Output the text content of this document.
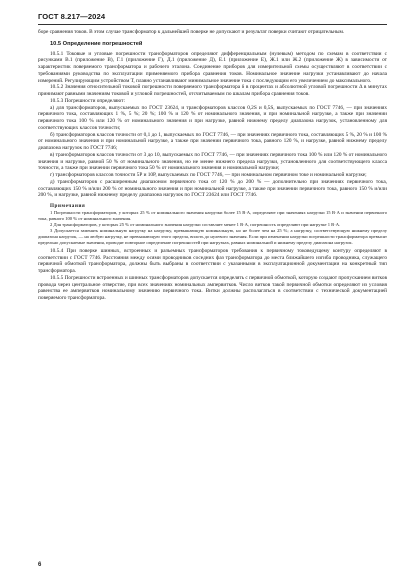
ГОСТ 8.217—2024

боре сравнения токов. В этом случае трансформатор к дальнейшей поверке не допускают и результат поверки считают отрицательным.

10.5 Определение погрешностей

10.5.1 Токовые и угловые погрешности трансформаторов определяют дифференциальным (нулевым) методом по схемам в соответствии с рисунками В.1 (приложение В), Г.1 (приложение Г), Д.1 (приложение Д), Е.1 (приложение Е), Ж.1 или Ж.2 (приложение Ж) в зависимости от характеристик поверяемого трансформатора и рабочего эталона. Соединение приборов для измерительной схемы осуществляют в соответствии с требованиями руководства по эксплуатации применяемого прибора сравнения токов. Номинальное значение нагрузки устанавливают до начала измерений. Регулирующим устройством Т, плавно устанавливают минимальное значение тока с последующим его увеличением до максимального.

10.5.2 Значения относительной токовой погрешности поверяемого трансформатора δ в процентах и абсолютной угловой погрешности Δ в минутах принимают равными значениям токовой и угловой погрешностей, отсчитываемым по шкалам прибора сравнения токов.

10.5.3 Погрешности определяют:

а) для трансформаторов, выпускаемых по ГОСТ 23624, и трансформаторов классов 0,2S и 0,5S, выпускаемых по ГОСТ 7746, — при значениях первичного тока, составляющих 1 %, 5 %; 20 %; 100 % и 120 % от номинального значения, и при номинальной нагрузке, а также при значении первичного тока 100 % или 120 % от номинального значения и при нагрузке, равной нижнему пределу диапазона нагрузок, установленному для соответствующих классов точности;

б) трансформаторов классов точности от 0,1 до 1, выпускаемых по ГОСТ 7746, — при значениях первичного тока, составляющих 5 %, 20 % и 100 % от номинального значения и при номинальной нагрузке, а также при значении первичного тока, равного 120 %, и нагрузке, равной нижнему пределу диапазона нагрузок по ГОСТ 7746;

в) трансформаторов классов точности от 3 до 10, выпускаемых по ГОСТ 7746, — при значениях первичного тока 100 % или 120 % от номинального значения и нагрузке, равной 50 % от номинального значения, но не менее нижнего предела нагрузки, установленного для соответствующего класса точности, а также при значении первичного тока 50 % от номинального значения и номинальной нагрузке;

г) трансформаторов классов точности 5Р и 10Р, выпускаемых по ГОСТ 7746, — при номинальном первичном токе и номинальной нагрузке;

д) трансформаторов с расширенным диапазоном первичного тока от 120 % до 200 % — дополнительно при значениях первичного тока, составляющих 150 % и/или 200 % от номинального значения и при номинальной нагрузке, а также при значении первичного тока, равного 150 % и/или 200 %, и нагрузке, равной нижнему пределу диапазона нагрузок по ГОСТ 23624 или ГОСТ 7746.

Примечания

1 Погрешности трансформаторов, у которых 25 % от номинального значения нагрузки более 15 В·А, определяют при значениях нагрузки 15 В·А и значении первичного тока, равного 100 % от номинального значения.

2 Для трансформаторов, у которых 25 % от номинального значения нагрузки составляет менее 1 В·А, погрешность определяют при нагрузке 1 В·А.

3 Допускается заменять номинальную нагрузку на нагрузку, превышающую номинальную, но не более чем на 25 %; а нагрузку, соответствующую нижнему пределу диапазона нагрузок, — на любую нагрузку, не превышающую этого предела, вплоть до нулевого значения. Если при изменении нагрузки погрешности трансформатора превысят предельно допускаемые значения, проводят повторное определение погрешностей при нагрузках, равных номинальной и нижнему пределу диапазона нагрузок.

10.5.4 При поверке шинных, встроенных и разъемных трансформаторов требования к первичному токоведущему контуру определяют в соответствии с ГОСТ 7746. Расстояния между осями проводников соседних фаз трансформатора до места ближайшего изгиба проводника, служащего первичной обмоткой трансформатора, должны быть выбраны в соответствии с указанными в эксплуатационной документации на конкретный тип трансформатора.

10.5.5 Погрешности встроенных и шинных трансформаторов допускается определять с первичной обмоткой, которую создают пропусканием витков провода через центральное отверстие, при всех значениях номинальных ампервитков. Число витков такой первичной обмотки определяют из условия равенства ее ампервитков номинальному значению первичного тока. Витки должны располагаться в соответствии с технической документацией поверяемого трансформатора.

6
